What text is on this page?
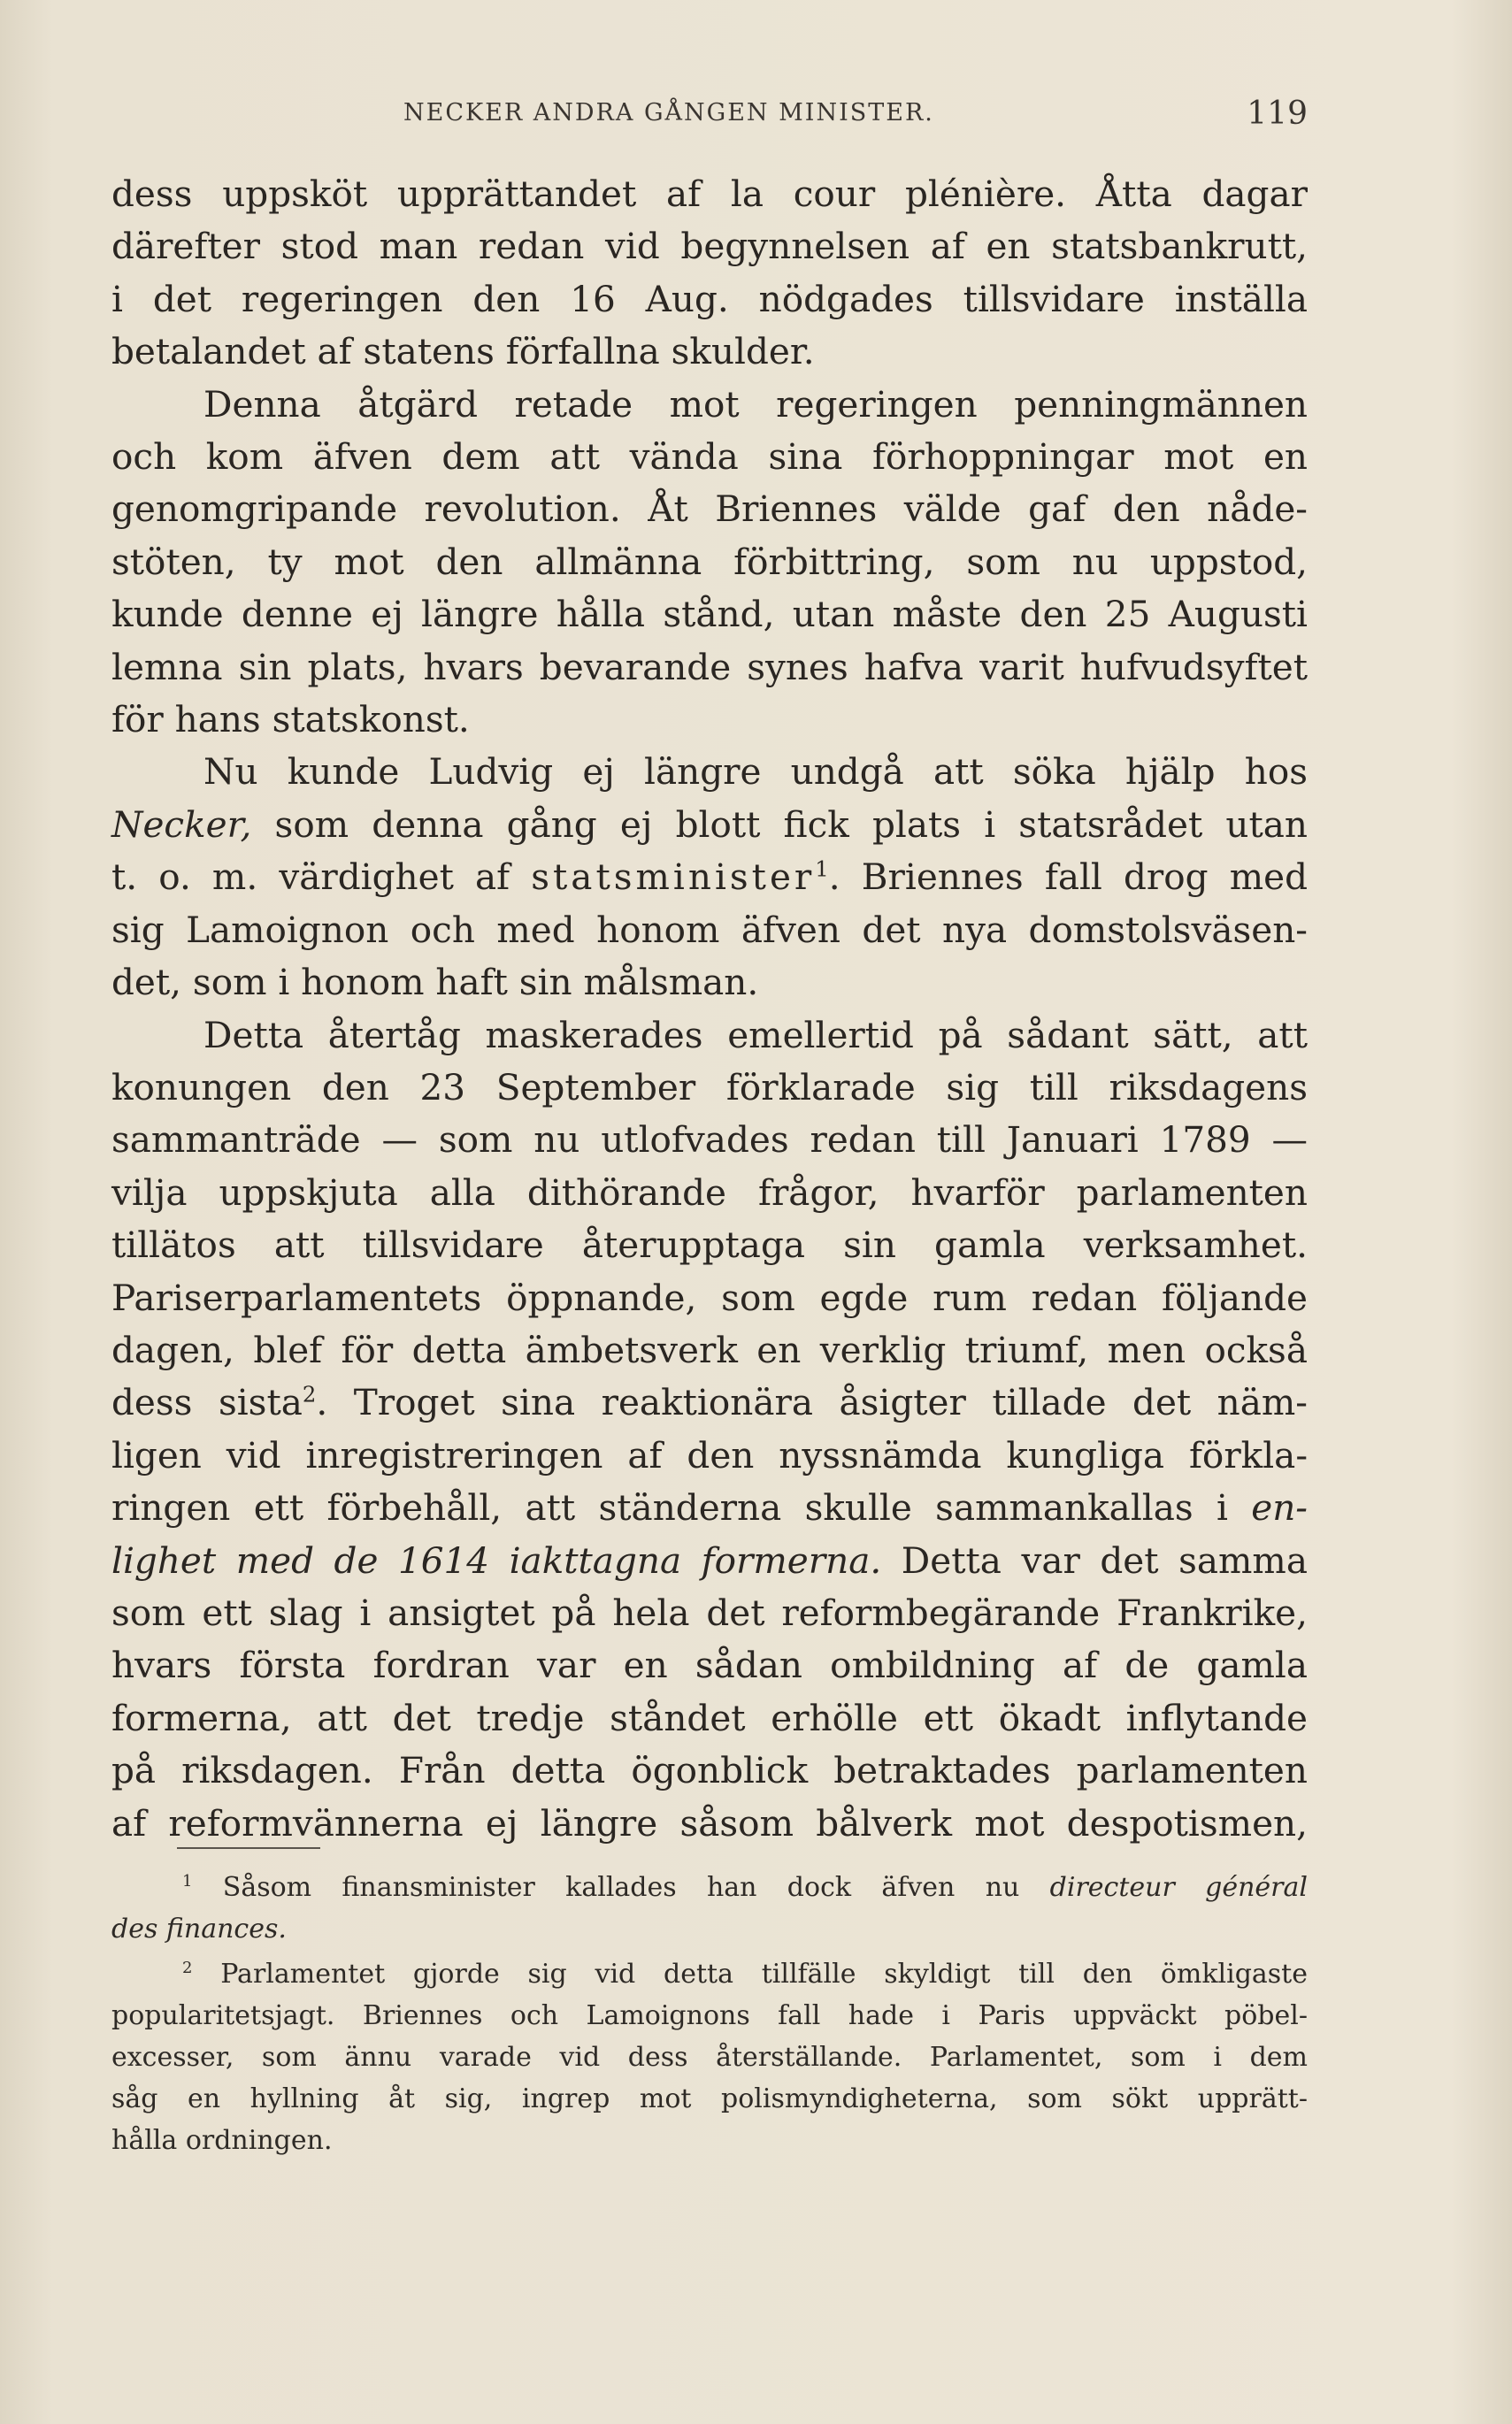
NECKER ANDRA GÅNGEN MINISTER.	119

dess uppsköt upprättandet af la cour plénière. Åtta dagar
därefter stod man redan vid begynnelsen af en statsbankrutt,
i det regeringen den 16 Aug. nödgades tillsvidare inställa
betalandet af statens förfallna skulder.

Denna åtgärd retade mot regeringen penningmännen
och kom äfven dem att vända sina förhoppningar mot en
genomgripande revolution. Åt Briennes välde gaf den nåde-
stöten, ty mot den allmänna förbittring, som nu uppstod,
kunde denne ej längre hålla stånd, utan måste den 25 Augusti
lemna sin plats, hvars bevarande synes hafva varit hufvudsyftet
för hans statskonst.

Nu kunde Ludvig ej längre undgå att söka hjälp hos
Necker, som denna gång ej blott fick plats i statsrådet utan
t. o. m. värdighet af statsminister$^1$. Briennes fall drog med
sig Lamoignon och med honom äfven det nya domstolsväsen-
det, som i honom haft sin målsman.

Detta återtåg maskerades emellertid på sådant sätt, att
konungen den 23 September förklarade sig till riksdagens
sammanträde — som nu utlofvades redan till Januari 1789 —
vilja uppskjuta alla dithörande frågor, hvarför parlamenten
tillätos att tillsvidare återupptaga sin gamla verksamhet.
Pariserparlamentets öppnande, som egde rum redan följande
dagen, blef för detta ämbetsverk en verklig triumf, men också
dess sista$^2$. Troget sina reaktionära åsigter tillade det näm-
ligen vid inregistreringen af den nyssnämda kungliga förkla-
ringen ett förbehåll, att ständerna skulle sammankallas i en-
lighet med de 1614 iakttagna formerna. Detta var det samma
som ett slag i ansigtet på hela det reformbegärande Frankrike,
hvars första fordran var en sådan ombildning af de gamla
formerna, att det tredje ståndet erhölle ett ökadt inflytande
på riksdagen. Från detta ögonblick betraktades parlamenten
af reformvännerna ej längre såsom bålverk mot despotismen,

$^1$ Såsom finansminister kallades han dock äfven nu directeur général
des finances.
$^2$ Parlamentet gjorde sig vid detta tillfälle skyldigt till den ömkligaste
popularitetsjagt. Briennes och Lamoignons fall hade i Paris uppväckt pöbel-
excesser, som ännu varade vid dess återställande. Parlamentet, som i dem
såg en hyllning åt sig, ingrep mot polismyndigheterna, som sökt upprätt-
hålla ordningen.
